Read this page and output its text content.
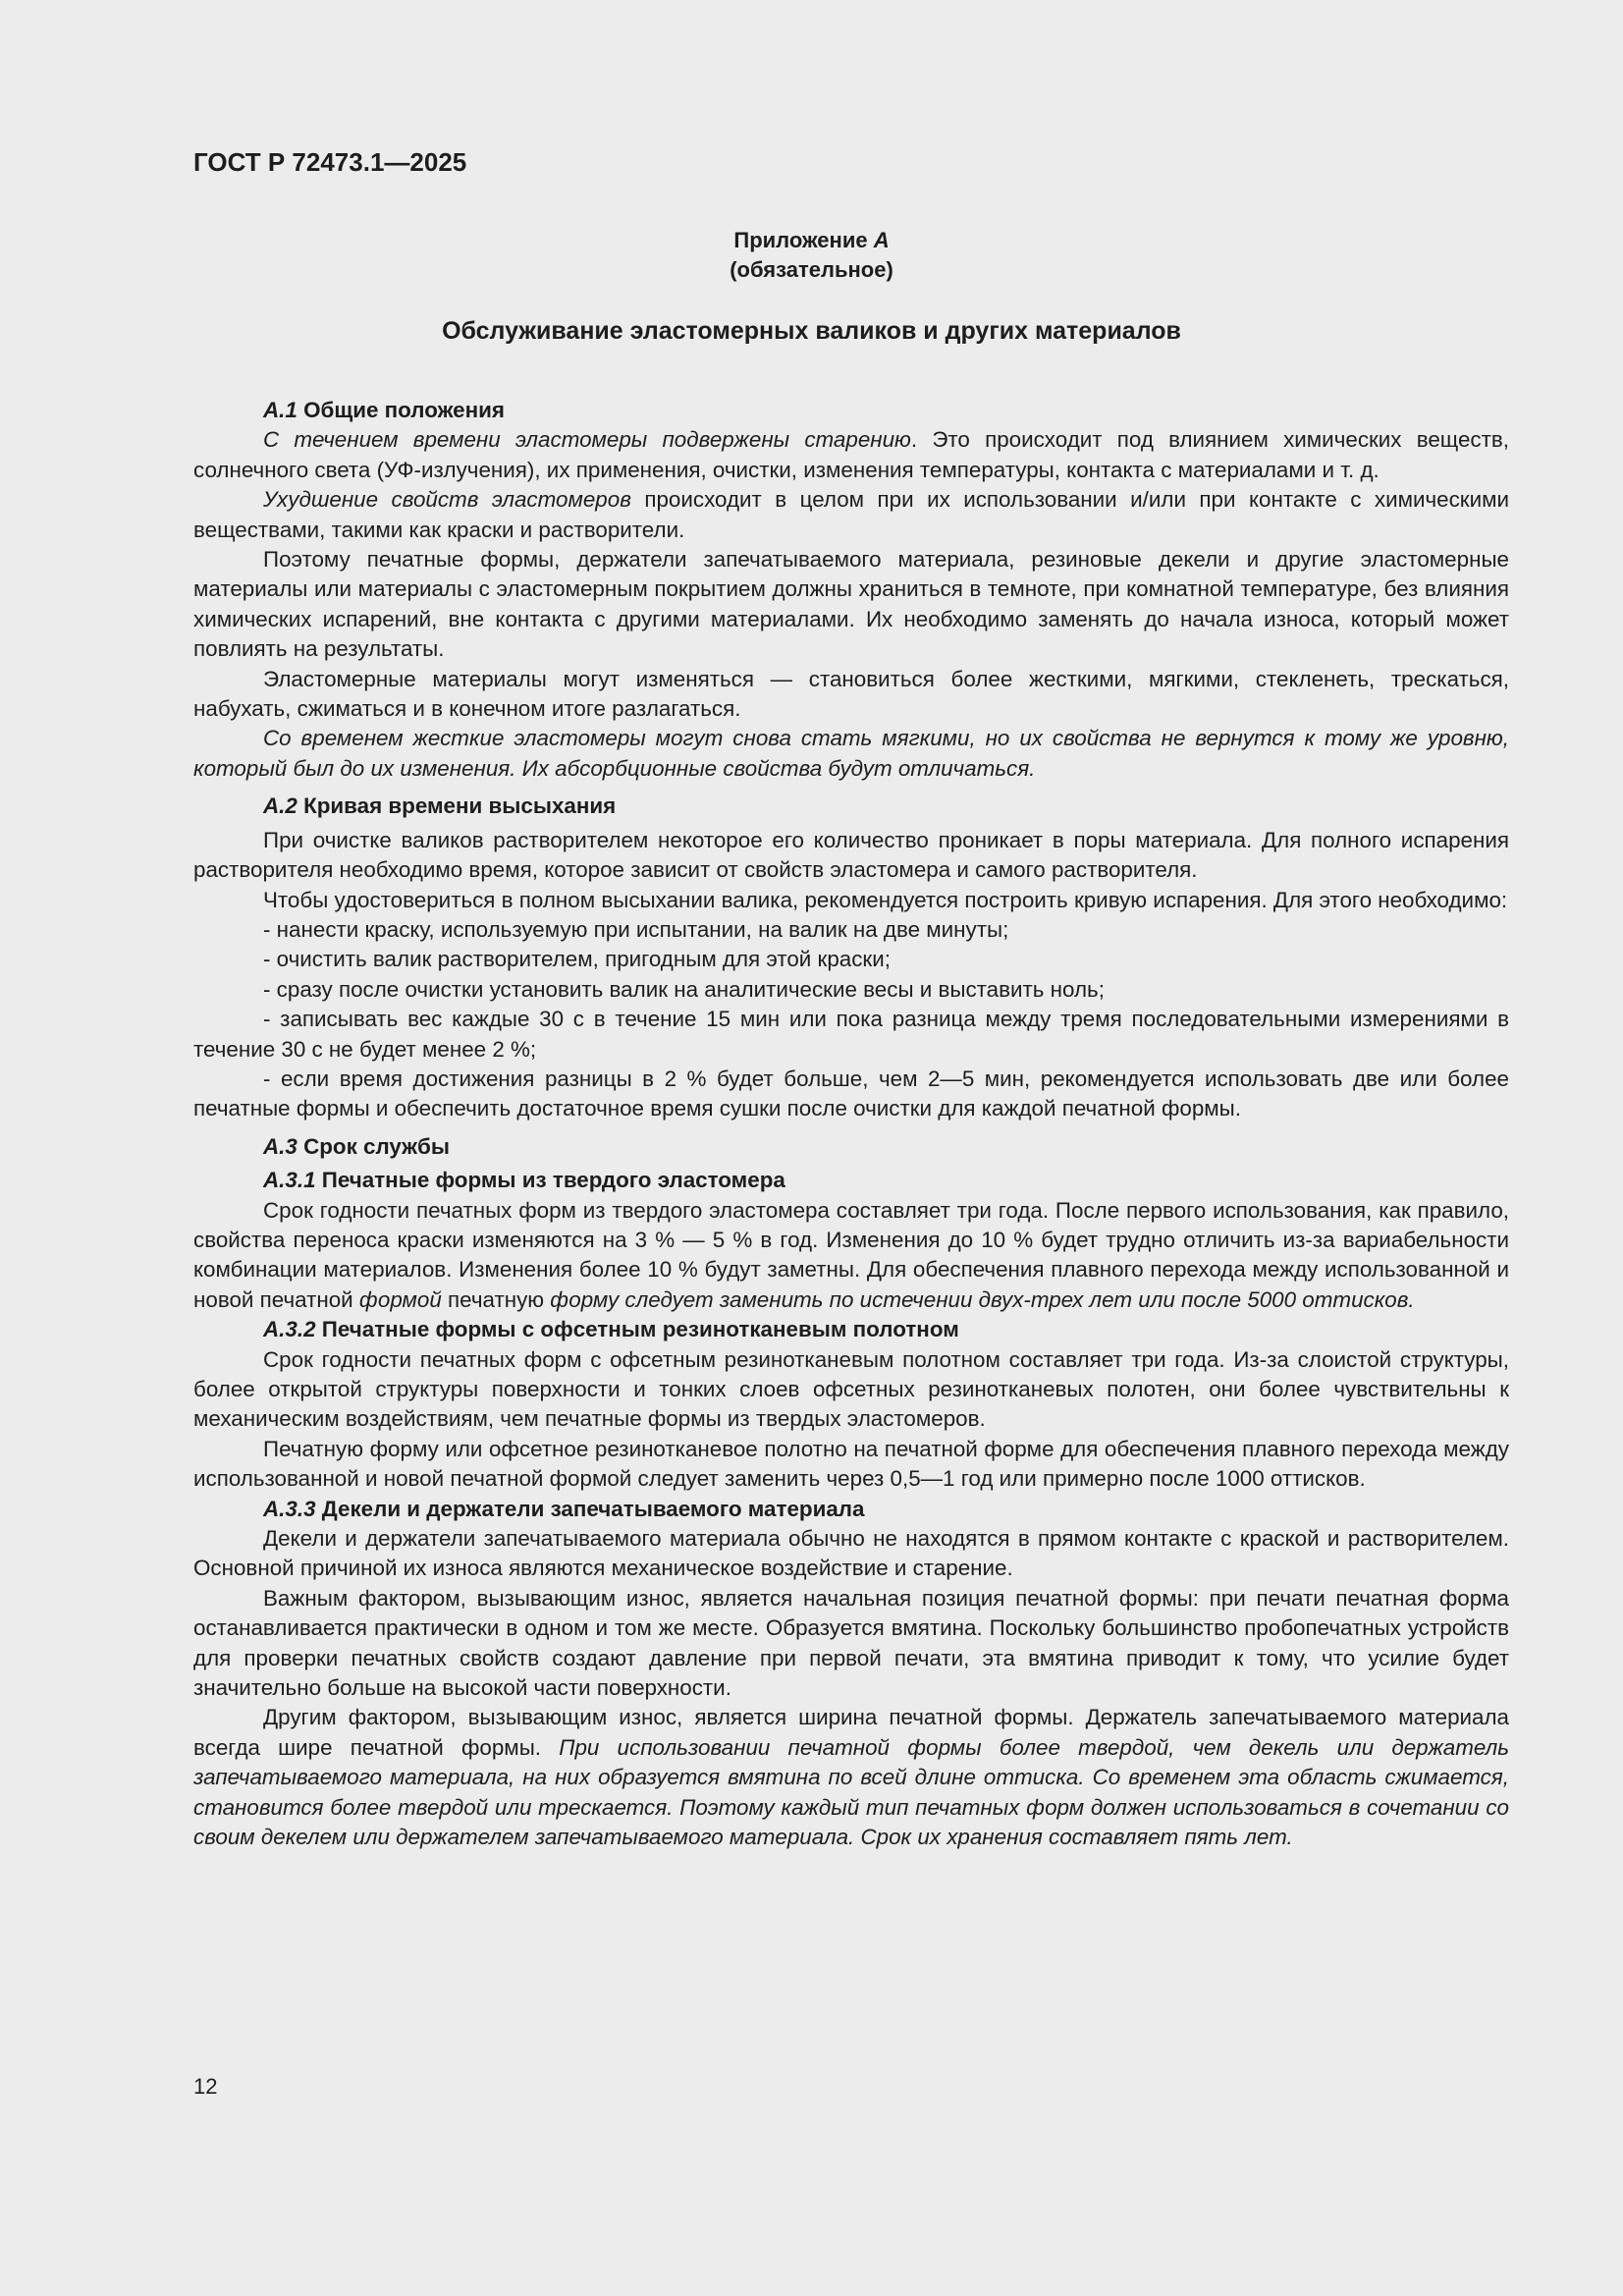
ГОСТ Р 72473.1—2025
Приложение А
(обязательное)
Обслуживание эластомерных валиков и других материалов
А.1 Общие положения

С течением времени эластомеры подвержены старению. Это происходит под влиянием химических веществ, солнечного света (УФ-излучения), их применения, очистки, изменения температуры, контакта с материалами и т. д.

Ухудшение свойств эластомеров происходит в целом при их использовании и/или при контакте с химическими веществами, такими как краски и растворители.

Поэтому печатные формы, держатели запечатываемого материала, резиновые декели и другие эластомерные материалы или материалы с эластомерным покрытием должны храниться в темноте, при комнатной температуре, без влияния химических испарений, вне контакта с другими материалами. Их необходимо заменять до начала износа, который может повлиять на результаты.

Эластомерные материалы могут изменяться — становиться более жесткими, мягкими, стекленеть, трескаться, набухать, сжиматься и в конечном итоге разлагаться.

Со временем жесткие эластомеры могут снова стать мягкими, но их свойства не вернутся к тому же уровню, который был до их изменения. Их абсорбционные свойства будут отличаться.

А.2 Кривая времени высыхания

При очистке валиков растворителем некоторое его количество проникает в поры материала. Для полного испарения растворителя необходимо время, которое зависит от свойств эластомера и самого растворителя.

Чтобы удостовериться в полном высыхании валика, рекомендуется построить кривую испарения. Для этого необходимо:

- нанести краску, используемую при испытании, на валик на две минуты;

- очистить валик растворителем, пригодным для этой краски;

- сразу после очистки установить валик на аналитические весы и выставить ноль;

- записывать вес каждые 30 с в течение 15 мин или пока разница между тремя последовательными измерениями в течение 30 с не будет менее 2 %;

- если время достижения разницы в 2 % будет больше, чем 2—5 мин, рекомендуется использовать две или более печатные формы и обеспечить достаточное время сушки после очистки для каждой печатной формы.

А.3 Срок службы
А.3.1 Печатные формы из твердого эластомера

Срок годности печатных форм из твердого эластомера составляет три года. После первого использования, как правило, свойства переноса краски изменяются на 3 % — 5 % в год. Изменения до 10 % будет трудно отличить из-за вариабельности комбинации материалов. Изменения более 10 % будут заметны. Для обеспечения плавного перехода между использованной и новой печатной формой печатную форму следует заменить по истечении двух-трех лет или после 5000 оттисков.

А.3.2 Печатные формы с офсетным резинотканевым полотном

Срок годности печатных форм с офсетным резинотканевым полотном составляет три года. Из-за слоистой структуры, более открытой структуры поверхности и тонких слоев офсетных резинотканевых полотен, они более чувствительны к механическим воздействиям, чем печатные формы из твердых эластомеров.

Печатную форму или офсетное резинотканевое полотно на печатной форме для обеспечения плавного перехода между использованной и новой печатной формой следует заменить через 0,5—1 год или примерно после 1000 оттисков.

А.3.3 Декели и держатели запечатываемого материала

Декели и держатели запечатываемого материала обычно не находятся в прямом контакте с краской и растворителем. Основной причиной их износа являются механическое воздействие и старение.

Важным фактором, вызывающим износ, является начальная позиция печатной формы: при печати печатная форма останавливается практически в одном и том же месте. Образуется вмятина. Поскольку большинство пробопечатных устройств для проверки печатных свойств создают давление при первой печати, эта вмятина приводит к тому, что усилие будет значительно больше на высокой части поверхности.

Другим фактором, вызывающим износ, является ширина печатной формы. Держатель запечатываемого материала всегда шире печатной формы. При использовании печатной формы более твердой, чем декель или держатель запечатываемого материала, на них образуется вмятина по всей длине оттиска. Со временем эта область сжимается, становится более твердой или трескается. Поэтому каждый тип печатных форм должен использоваться в сочетании со своим декелем или держателем запечатываемого материала. Срок их хранения составляет пять лет.

12
